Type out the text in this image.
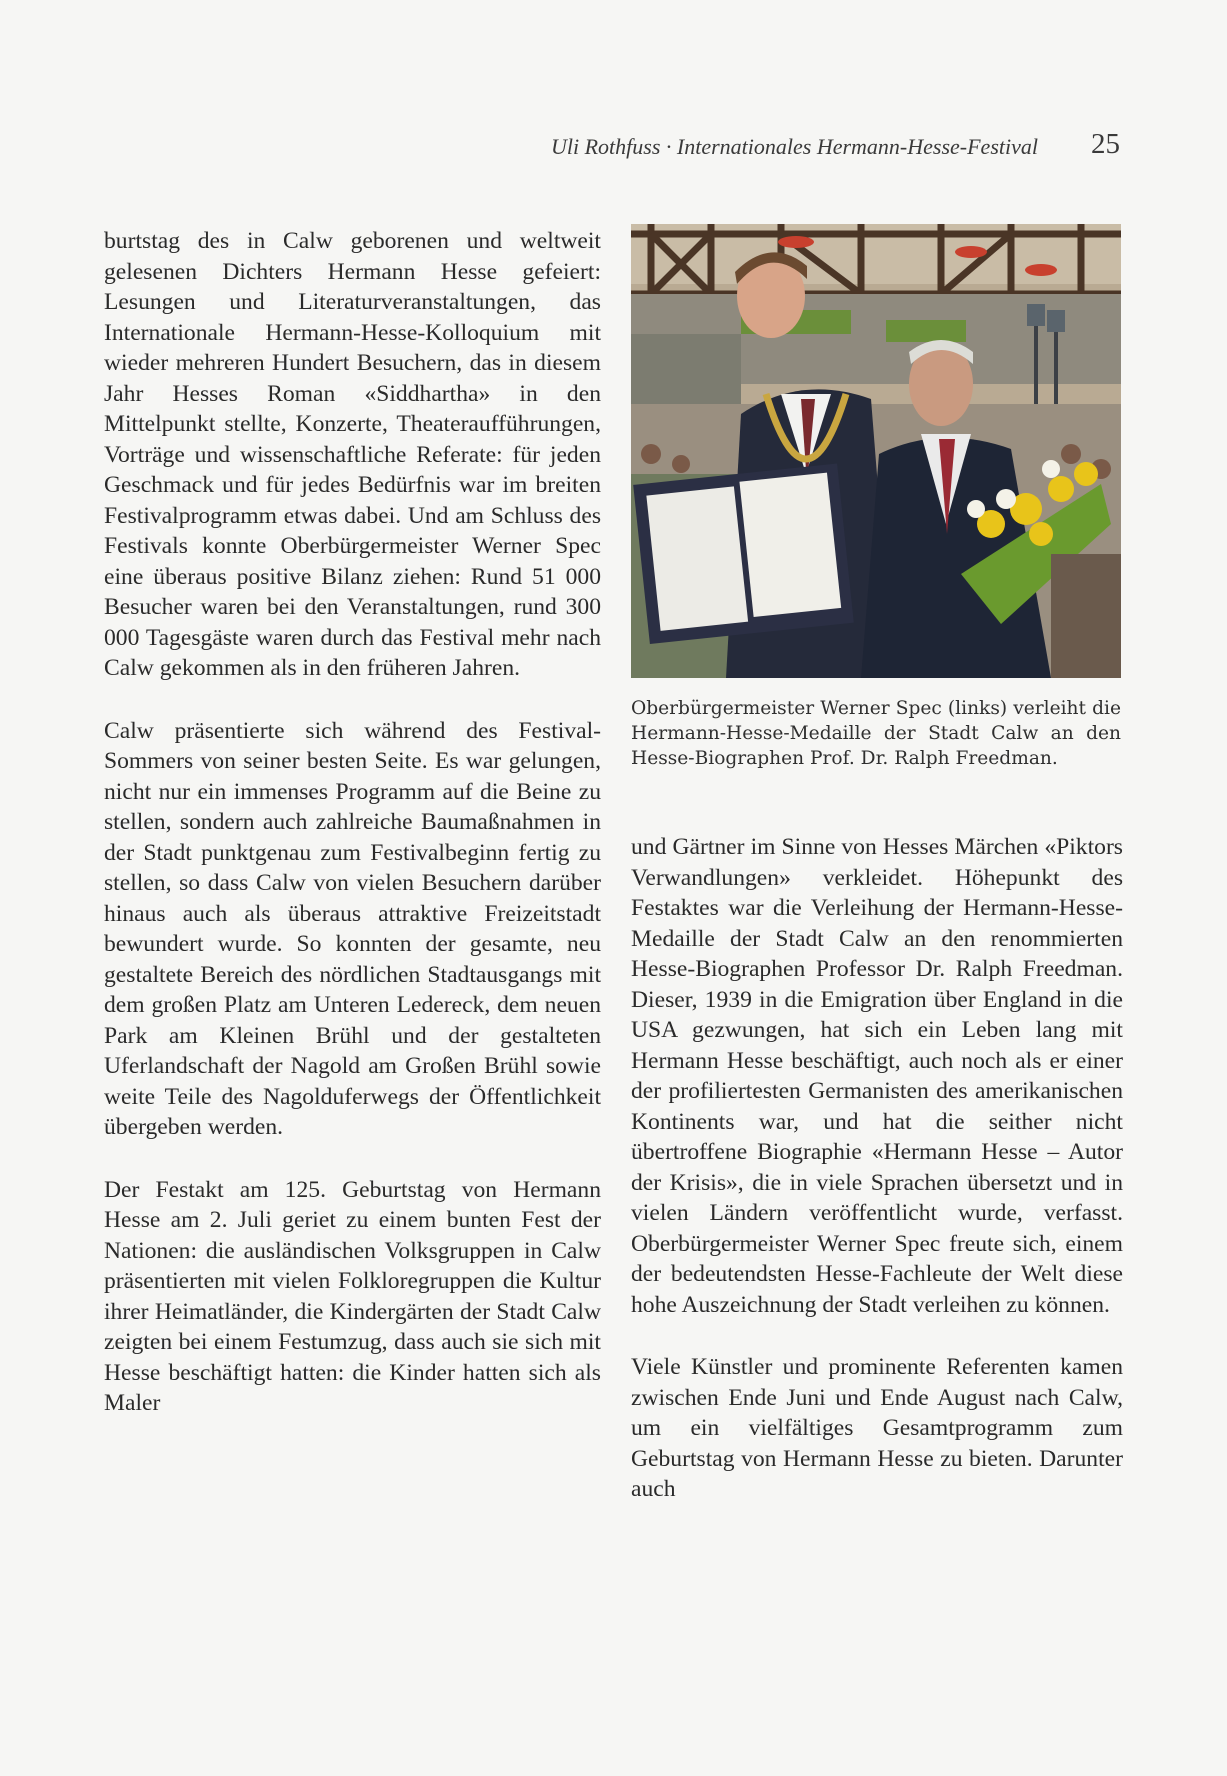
Uli Rothfuss · Internationales Hermann-Hesse-Festival 25

burtstag des in Calw geborenen und weltweit gelesenen Dichters Hermann Hesse gefeiert: Lesungen und Literaturveranstaltungen, das Internationale Hermann-Hesse-Kolloquium mit wieder mehreren Hundert Besuchern, das in diesem Jahr Hesses Roman «Siddhartha» in den Mittelpunkt stellte, Konzerte, Theateraufführungen, Vorträge und wissenschaftliche Referate: für jeden Geschmack und für jedes Bedürfnis war im breiten Festivalprogramm etwas dabei. Und am Schluss des Festivals konnte Oberbürgermeister Werner Spec eine überaus positive Bilanz ziehen: Rund 51 000 Besucher waren bei den Veranstaltungen, rund 300 000 Tagesgäste waren durch das Festival mehr nach Calw gekommen als in den früheren Jahren.

Calw präsentierte sich während des Festival-Sommers von seiner besten Seite. Es war gelungen, nicht nur ein immenses Programm auf die Beine zu stellen, sondern auch zahlreiche Baumaßnahmen in der Stadt punktgenau zum Festivalbeginn fertig zu stellen, so dass Calw von vielen Besuchern darüber hinaus auch als überaus attraktive Freizeitstadt bewundert wurde. So konnten der gesamte, neu gestaltete Bereich des nördlichen Stadtausgangs mit dem großen Platz am Unteren Ledereck, dem neuen Park am Kleinen Brühl und der gestalteten Uferlandschaft der Nagold am Großen Brühl sowie weite Teile des Nagolduferwegs der Öffentlichkeit übergeben werden.

Der Festakt am 125. Geburtstag von Hermann Hesse am 2. Juli geriet zu einem bunten Fest der Nationen: die ausländischen Volksgruppen in Calw präsentierten mit vielen Folkloregruppen die Kultur ihrer Heimatländer, die Kindergärten der Stadt Calw zeigten bei einem Festumzug, dass auch sie sich mit Hesse beschäftigt hatten: die Kinder hatten sich als Maler

Oberbürgermeister Werner Spec (links) verleiht die Hermann-Hesse-Medaille der Stadt Calw an den Hesse-Biographen Prof. Dr. Ralph Freedman.

und Gärtner im Sinne von Hesses Märchen «Piktors Verwandlungen» verkleidet. Höhepunkt des Festaktes war die Verleihung der Hermann-Hesse-Medaille der Stadt Calw an den renommierten Hesse-Biographen Professor Dr. Ralph Freedman. Dieser, 1939 in die Emigration über England in die USA gezwungen, hat sich ein Leben lang mit Hermann Hesse beschäftigt, auch noch als er einer der profiliertesten Germanisten des amerikanischen Kontinents war, und hat die seither nicht übertroffene Biographie «Hermann Hesse – Autor der Krisis», die in viele Sprachen übersetzt und in vielen Ländern veröffentlicht wurde, verfasst. Oberbürgermeister Werner Spec freute sich, einem der bedeutendsten Hesse-Fachleute der Welt diese hohe Auszeichnung der Stadt verleihen zu können.

Viele Künstler und prominente Referenten kamen zwischen Ende Juni und Ende August nach Calw, um ein vielfältiges Gesamtprogramm zum Geburtstag von Hermann Hesse zu bieten. Darunter auch
